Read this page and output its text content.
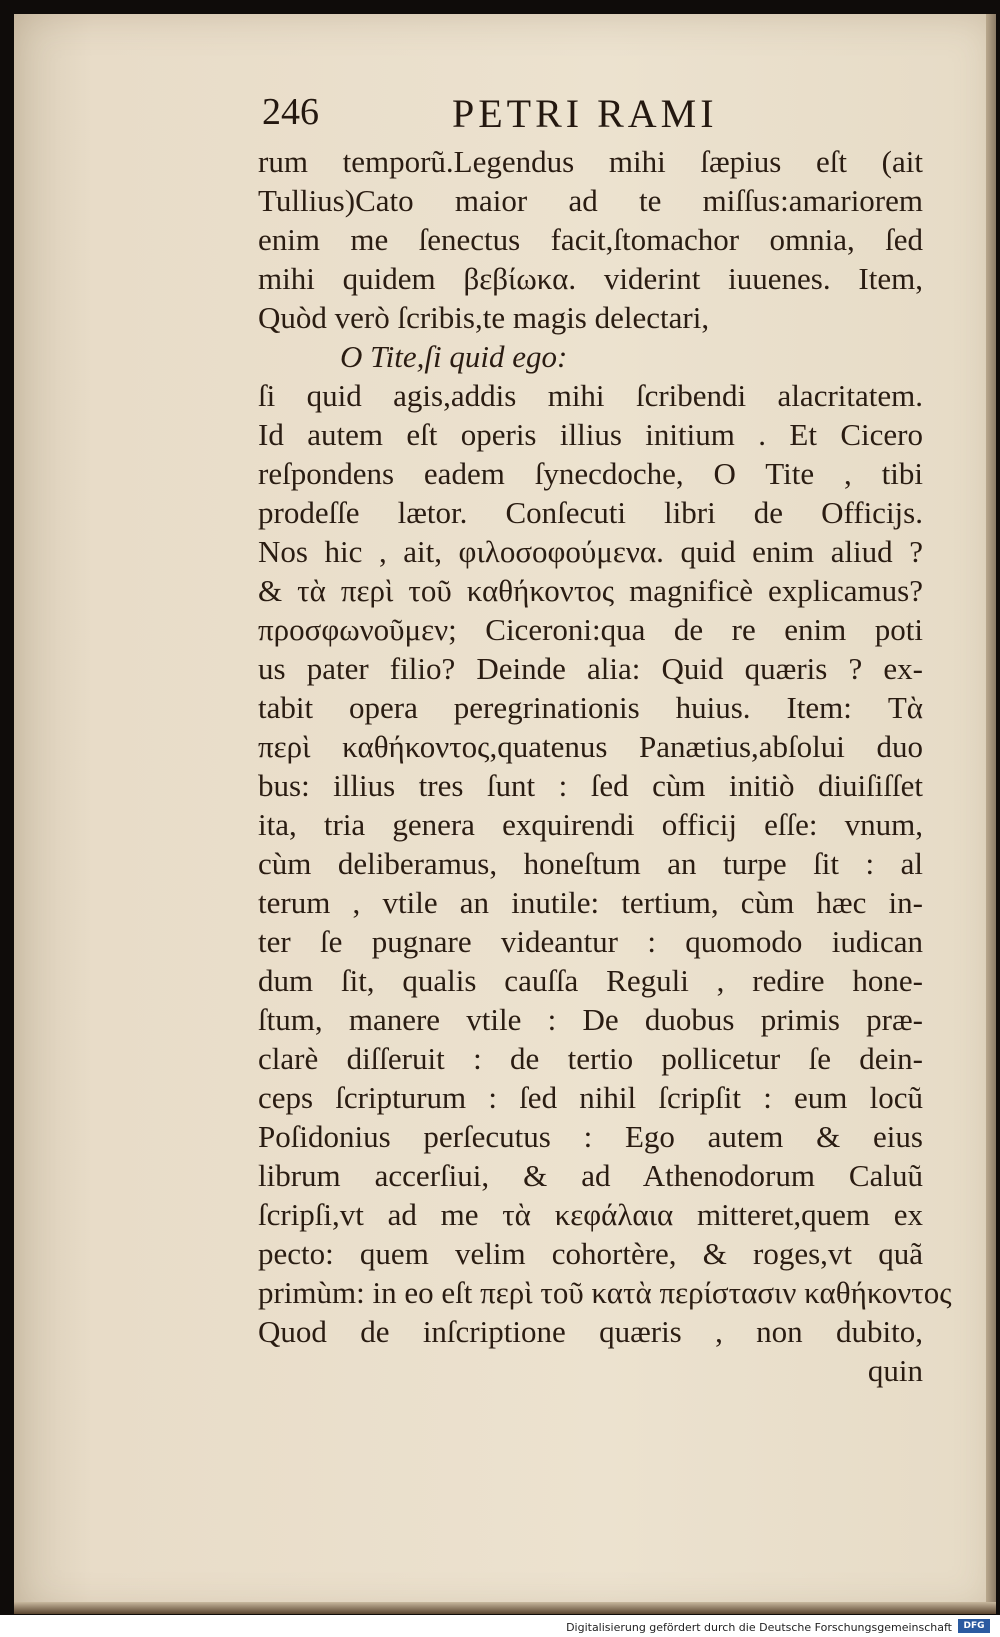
246	PETRI RAMI
rum temporũ.Legendus mihi ſæpius eſt (ait
Tullius)Cato maior ad te miſſus:amariorem
enim me ſenectus facit,ſtomachor omnia, ſed
mihi quidem βεβίωκα. viderint iuuenes. Item,
Quòd verò ſcribis,te magis delectari,
O Tite,ſi quid ego:
ſi quid agis,addis mihi ſcribendi alacritatem.
Id autem eſt operis illius initium . Et Cicero
reſpondens eadem ſynecdoche, O Tite , tibi
prodeſſe lætor. Conſecuti libri de Officijs.
Nos hic , ait, φιλοσοφούμενα. quid enim aliud ?
& τὰ περὶ τοῦ καθήκοντος magnificè explicamus?
προσφωνοῦμεν; Ciceroni:qua de re enim poti
us pater filio? Deinde alia: Quid quæris ? ex-
tabit opera peregrinationis huius. Item: Τὰ
περὶ καθήκοντος,quatenus Panætius,abſolui duo
bus: illius tres ſunt : ſed cùm initiò diuiſiſſet
ita, tria genera exquirendi officij eſſe: vnum,
cùm deliberamus, honeſtum an turpe ſit : al
terum , vtile an inutile: tertium, cùm hæc in-
ter ſe pugnare videantur : quomodo iudican
dum ſit, qualis cauſſa Reguli , redire hone-
ſtum, manere vtile : De duobus primis præ-
clarè diſſeruit : de tertio pollicetur ſe dein-
ceps ſcripturum : ſed nihil ſcripſit : eum locũ
Poſidonius perſecutus : Ego autem & eius
librum accerſiui, & ad Athenodorum Caluũ
ſcripſi,vt ad me τὰ κεφάλαια mitteret,quem ex
pecto: quem velim cohortère, & roges,vt quã
primùm: in eo eſt περὶ τοῦ κατὰ περίστασιν καθήκοντος
Quod de inſcriptione quæris , non dubito,
quin
Digitalisierung gefördert durch die Deutsche Forschungsgemeinschaft	DFG
